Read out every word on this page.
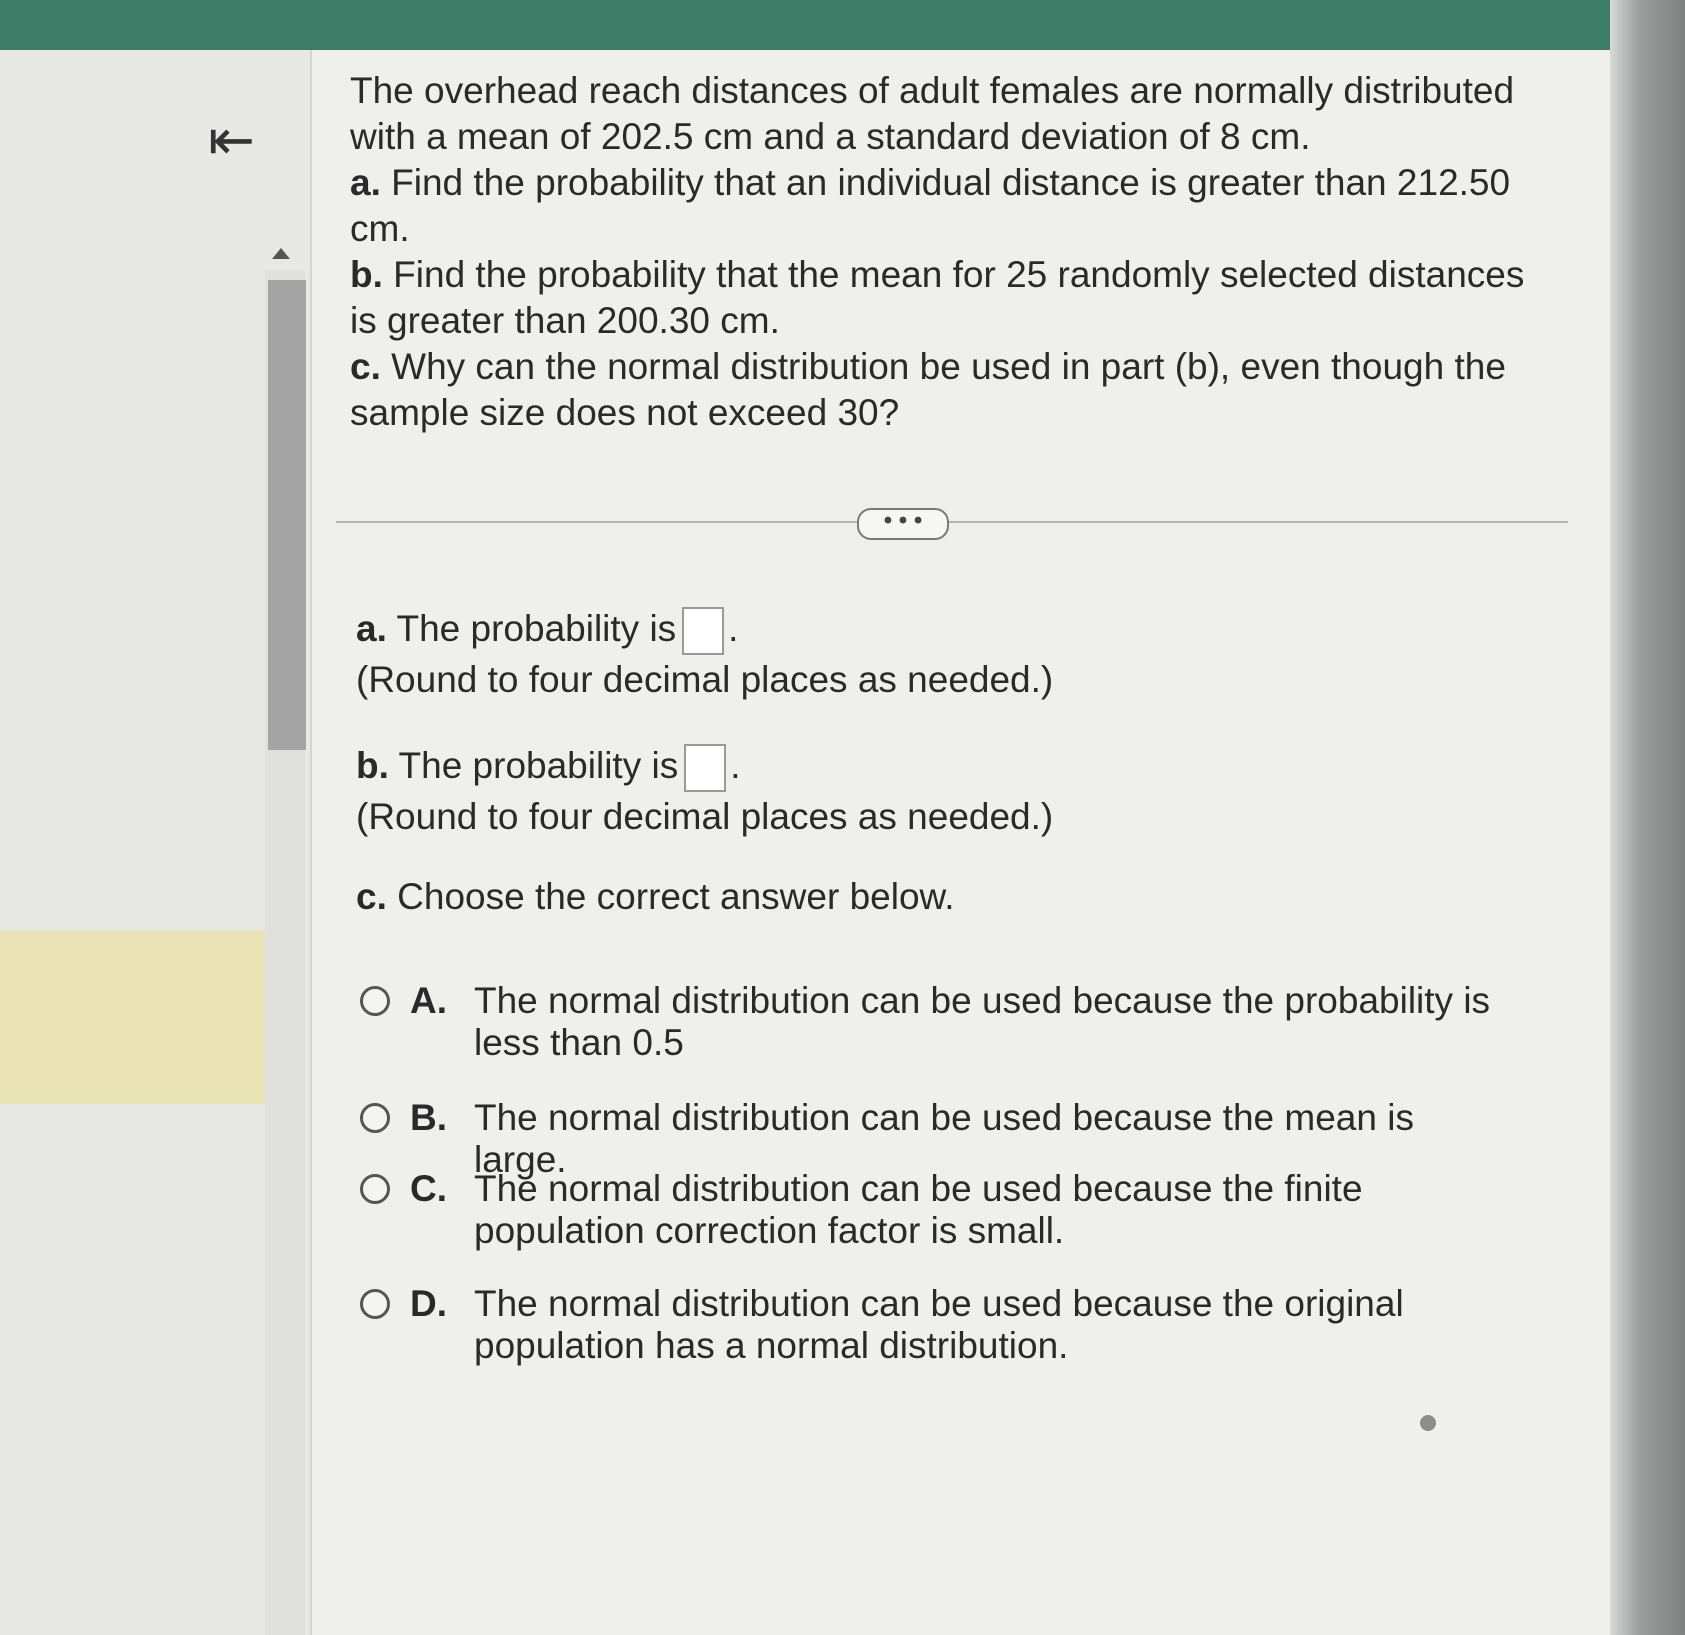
⇤

The overhead reach distances of adult females are normally distributed with a mean of 202.5 cm and a standard deviation of 8 cm.

a. Find the probability that an individual distance is greater than 212.50 cm.

b. Find the probability that the mean for 25 randomly selected distances is greater than 200.30 cm.

c. Why can the normal distribution be used in part (b), even though the sample size does not exceed 30?

• • •
a. The probability is .
(Round to four decimal places as needed.)
b. The probability is .
(Round to four decimal places as needed.)
c. Choose the correct answer below.
A. The normal distribution can be used because the probability is less than 0.5
B. The normal distribution can be used because the mean is large.
C. The normal distribution can be used because the finite population correction factor is small.
D. The normal distribution can be used because the original population has a normal distribution.
